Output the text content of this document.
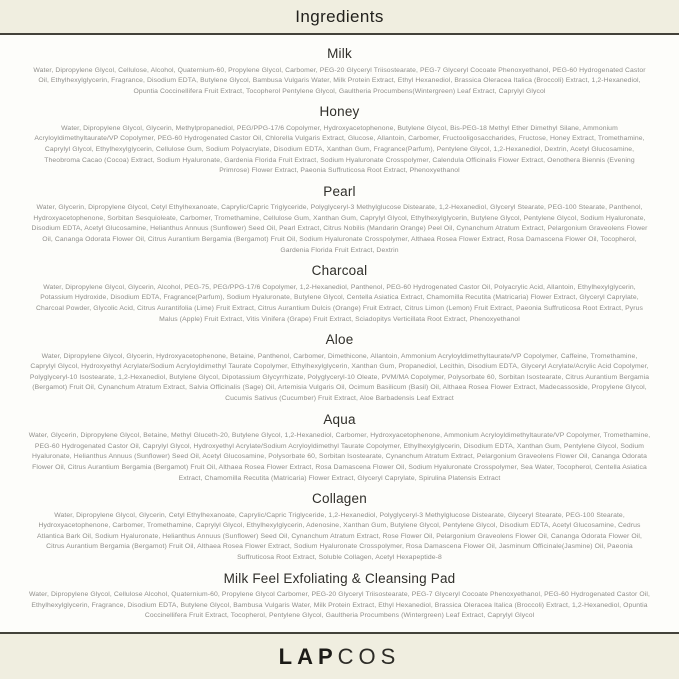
Ingredients
Milk

Water, Dipropylene Glycol, Cellulose, Alcohol, Quaternium-60, Propylene Glycol, Carbomer, PEG-20 Glyceryl Triisostearate, PEG-7 Glyceryl Cocoate Phenoxyethanol, PEG-60 Hydrogenated Castor Oil, Ethylhexylglycerin, Fragrance, Disodium EDTA, Butylene Glycol, Bambusa Vulgaris Water, Milk Protein Extract, Ethyl Hexanediol, Brassica Oleracea Italica (Broccoli) Extract, 1,2-Hexanediol, Opuntia Coccinellifera Fruit Extract, Tocopherol Pentylene Glycol, Gaultheria Procumbens(Wintergreen) Leaf Extract, Caprylyl Glycol

Honey

Water, Dipropylene Glycol, Glycerin, Methylpropanediol, PEG/PPG-17/6 Copolymer, Hydroxyacetophenone, Butylene Glycol, Bis-PEG-18 Methyl Ether Dimethyl Silane, Ammonium Acryloyldimethyltaurate/VP Copolymer, PEG-60 Hydrogenated Castor Oil, Chlorella Vulgaris Extract, Glucose, Allantoin, Carbomer, Fructooligosaccharides, Fructose, Honey Extract, Tromethamine, Caprylyl Glycol, Ethylhexylglycerin, Cellulose Gum, Sodium Polyacrylate, Disodium EDTA, Xanthan Gum, Fragrance(Parfum), Pentylene Glycol, 1,2-Hexanediol, Dextrin, Acetyl Glucosamine, Theobroma Cacao (Cocoa) Extract, Sodium Hyaluronate, Gardenia Florida Fruit Extract, Sodium Hyaluronate Crosspolymer, Calendula Officinalis Flower Extract, Oenothera Biennis (Evening Primrose) Flower Extract, Paeonia Suffruticosa Root Extract, Phenoxyethanol

Pearl

Water, Glycerin, Dipropylene Glycol, Cetyl Ethylhexanoate, Caprylic/Capric Triglyceride, Polyglyceryl-3 Methylglucose Distearate, 1,2-Hexanediol, Glyceryl Stearate, PEG-100 Stearate, Panthenol, Hydroxyacetophenone, Sorbitan Sesquioleate, Carbomer, Tromethamine, Cellulose Gum, Xanthan Gum, Caprylyl Glycol, Ethylhexylglycerin, Butylene Glycol, Pentylene Glycol, Sodium Hyaluronate, Disodium EDTA, Acetyl Glucosamine, Helianthus Annuus (Sunflower) Seed Oil, Pearl Extract, Citrus Nobilis (Mandarin Orange) Peel Oil, Cynanchum Atratum Extract, Pelargonium Graveolens Flower Oil, Cananga Odorata Flower Oil, Citrus Aurantium Bergamia (Bergamot) Fruit Oil, Sodium Hyaluronate Crosspolymer, Althaea Rosea Flower Extract, Rosa Damascena Flower Oil, Tocopherol, Gardenia Florida Fruit Extract, Dextrin

Charcoal

Water, Dipropylene Glycol, Glycerin, Alcohol, PEG-75, PEG/PPG-17/6 Copolymer, 1,2-Hexanediol, Panthenol, PEG-60 Hydrogenated Castor Oil, Polyacrylic Acid, Allantoin, Ethylhexylglycerin, Potassium Hydroxide, Disodium EDTA, Fragrance(Parfum), Sodium Hyaluronate, Butylene Glycol, Centella Asiatica Extract, Chamomilla Recutita (Matricaria) Flower Extract, Glyceryl Caprylate, Charcoal Powder, Glycolic Acid, Citrus Aurantifolia (Lime) Fruit Extract, Citrus Aurantium Dulcis (Orange) Fruit Extract, Citrus Limon (Lemon) Fruit Extract, Paeonia Suffruticosa Root Extract, Pyrus Malus (Apple) Fruit Extract, Vitis Vinifera (Grape) Fruit Extract, Sciadopitys Verticillata Root Extract, Phenoxyethanol

Aloe

Water, Dipropylene Glycol, Glycerin, Hydroxyacetophenone, Betaine, Panthenol, Carbomer, Dimethicone, Allantoin, Ammonium Acryloyldimethyltaurate/VP Copolymer, Caffeine, Tromethamine, Caprylyl Glycol, Hydroxyethyl Acrylate/Sodium Acryloyldimethyl Taurate Copolymer, Ethylhexylglycerin, Xanthan Gum, Propanediol, Lecithin, Disodium EDTA, Glyceryl Acrylate/Acrylic Acid Copolymer, Polyglyceryl-10 Isostearate, 1,2-Hexanediol, Butylene Glycol, Dipotassium Glycyrrhizate, Polyglyceryl-10 Oleate, PVM/MA Copolymer, Polysorbate 60, Sorbitan Isostearate, Citrus Aurantium Bergamia (Bergamot) Fruit Oil, Cynanchum Atratum Extract, Salvia Officinalis (Sage) Oil, Artemisia Vulgaris Oil, Ocimum Basilicum (Basil) Oil, Althaea Rosea Flower Extract, Madecassoside, Propylene Glycol, Cucumis Sativus (Cucumber) Fruit Extract, Aloe Barbadensis Leaf Extract

Aqua

Water, Glycerin, Dipropylene Glycol, Betaine, Methyl Gluceth-20, Butylene Glycol, 1,2-Hexanediol, Carbomer, Hydroxyacetophenone, Ammonium Acryloyldimethyltaurate/VP Copolymer, Tromethamine, PEG-60 Hydrogenated Castor Oil, Caprylyl Glycol, Hydroxyethyl Acrylate/Sodium Acryloyldimethyl Taurate Copolymer, Ethylhexylglycerin, Disodium EDTA, Xanthan Gum, Pentylene Glycol, Sodium Hyaluronate, Helianthus Annuus (Sunflower) Seed Oil, Acetyl Glucosamine, Polysorbate 60, Sorbitan Isostearate, Cynanchum Atratum Extract, Pelargonium Graveolens Flower Oil, Cananga Odorata Flower Oil, Citrus Aurantium Bergamia (Bergamot) Fruit Oil, Althaea Rosea Flower Extract, Rosa Damascena Flower Oil, Sodium Hyaluronate Crosspolymer, Sea Water, Tocopherol, Centella Asiatica Extract, Chamomilla Recutita (Matricaria) Flower Extract, Glyceryl Caprylate, Spirulina Platensis Extract

Collagen

Water, Dipropylene Glycol, Glycerin, Cetyl Ethylhexanoate, Caprylic/Capric Triglyceride, 1,2-Hexanediol, Polyglyceryl-3 Methylglucose Distearate, Glyceryl Stearate, PEG-100 Stearate, Hydroxyacetophenone, Carbomer, Tromethamine, Caprylyl Glycol, Ethylhexylglycerin, Adenosine, Xanthan Gum, Butylene Glycol, Pentylene Glycol, Disodium EDTA, Acetyl Glucosamine, Cedrus Atlantica Bark Oil, Sodium Hyaluronate, Helianthus Annuus (Sunflower) Seed Oil, Cynanchum Atratum Extract, Rose Flower Oil, Pelargonium Graveolens Flower Oil, Cananga Odorata Flower Oil, Citrus Aurantium Bergamia (Bergamot) Fruit Oil, Althaea Rosea Flower Extract, Sodium Hyaluronate Crosspolymer, Rosa Damascena Flower Oil, Jasminum Officinale(Jasmine) Oil, Paeonia Suffruticosa Root Extract, Soluble Collagen, Acetyl Hexapeptide-8

Milk Feel Exfoliating & Cleansing Pad

Water, Dipropylene Glycol, Cellulose Alcohol, Quaternium-60, Propylene Glycol Carbomer, PEG-20 Glyceryl Triisostearate, PEG-7 Glyceryl Cocoate Phenoxyethanol, PEG-60 Hydrogenated Castor Oil, Ethylhexylglycerin, Fragrance, Disodium EDTA, Butylene Glycol, Bambusa Vulgaris Water, Milk Protein Extract, Ethyl Hexanediol, Brassica Oleracea Italica (Broccoli) Extract, 1,2-Hexanediol, Opuntia Coccinellifera Fruit Extract, Tocopherol, Pentylene Glycol, Gaultheria Procumbens (Wintergreen) Leaf Extract, Caprylyl Glycol

LAPCOS
